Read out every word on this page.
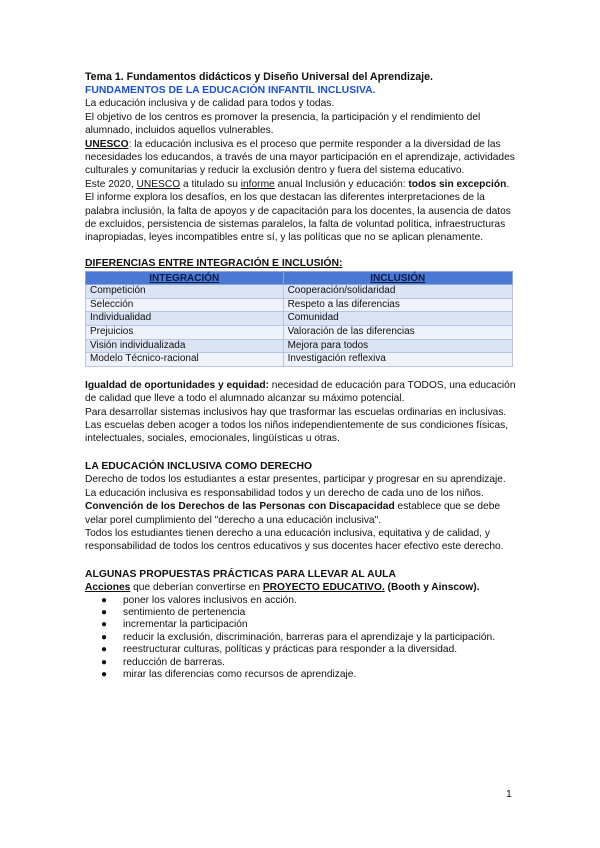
Tema 1. Fundamentos didácticos y Diseño Universal del Aprendizaje.

FUNDAMENTOS DE LA EDUCACIÓN INFANTIL INCLUSIVA.

La educación inclusiva y de calidad para todos y todas.

El objetivo de los centros es promover la presencia, la participación y el rendimiento del alumnado, incluidos aquellos vulnerables.

UNESCO: la educación inclusiva es el proceso que permite responder a la diversidad de las necesidades los educandos, a través de una mayor participación en el aprendizaje, actividades culturales y comunitarias y reducir la exclusión dentro y fuera del sistema educativo.

Este 2020, UNESCO a titulado su informe anual Inclusión y educación: todos sin excepción. El informe explora los desafíos, en los que destacan las diferentes interpretaciones de la palabra inclusión, la falta de apoyos y de capacitación para los docentes, la ausencia de datos de excluidos, persistencia de sistemas paralelos, la falta de voluntad política, infraestructuras inapropiadas, leyes incompatibles entre sí, y las políticas que no se aplican plenamente.

DIFERENCIAS ENTRE INTEGRACIÓN E INCLUSIÓN:

INTEGRACIÓN	INCLUSIÓN
Competición	Cooperación/solidaridad
Selección	Respeto a las diferencias
Individualidad	Comunidad
Prejuicios	Valoración de las diferencias
Visión individualizada	Mejora para todos
Modelo Técnico-racional	Investigación reflexiva

Igualdad de oportunidades y equidad: necesidad de educación para TODOS, una educación de calidad que lleve a todo el alumnado alcanzar su máximo potencial.

Para desarrollar sistemas inclusivos hay que trasformar las escuelas ordinarias en inclusivas. Las escuelas deben acoger a todos los niños independientemente de sus condiciones físicas, intelectuales, sociales, emocionales, lingüísticas u otras.

LA EDUCACIÓN INCLUSIVA COMO DERECHO

Derecho de todos los estudiantes a estar presentes, participar y progresar en su aprendizaje.

La educación inclusiva es responsabilidad todos y un derecho de cada uno de los niños.

Convención de los Derechos de las Personas con Discapacidad establece que se debe velar porel cumplimiento del "derecho a una educación inclusiva".

Todos los estudiantes tienen derecho a una educación inclusiva, equitativa y de calidad, y responsabilidad de todos los centros educativos y sus docentes hacer efectivo este derecho.

ALGUNAS PROPUESTAS PRÁCTICAS PARA LLEVAR AL AULA

Acciones que deberían convertirse en PROYECTO EDUCATIVO. (Booth y Ainscow).

● poner los valores inclusivos en acción.
● sentimiento de pertenencia
● incrementar la participación
● reducir la exclusión, discriminación, barreras para el aprendizaje y la participación.
● reestructurar culturas, políticas y prácticas para responder a la diversidad.
● reducción de barreras.
● mirar las diferencias como recursos de aprendizaje.
1
